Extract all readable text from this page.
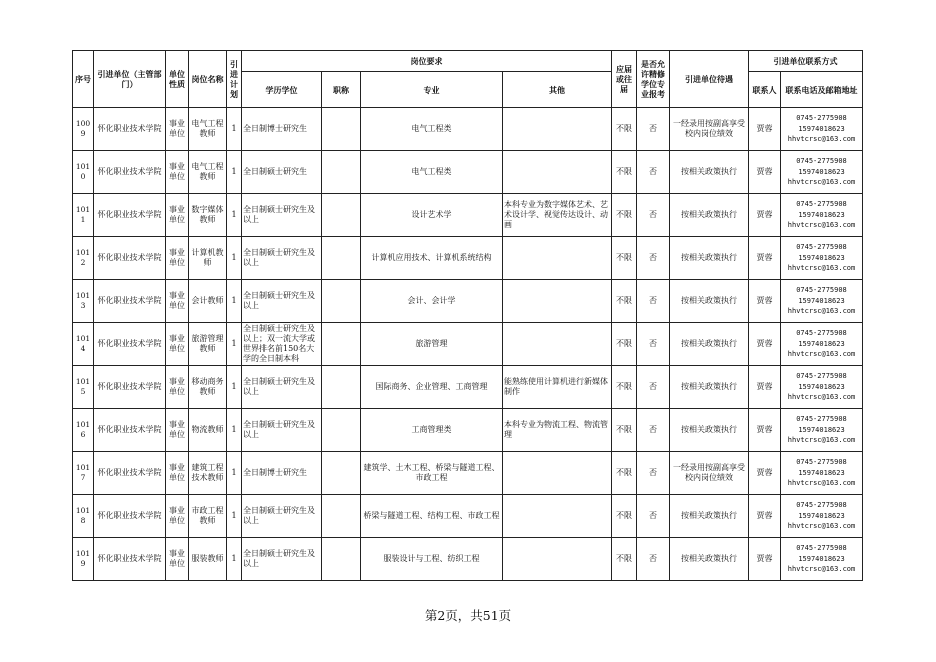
序号	引进单位（主管部门）	单位性质	岗位名称	引进计划	岗位要求				应届或往届	是否允许精修学位专业报考	引进单位待遇	引进单位联系方式	
					学历学位	职称	专业	其他				联系人	联系电话及邮箱地址
1009	怀化职业技术学院	事业单位	电气工程教师	1	全日制博士研究生		电气工程类		不限	否	一经录用按副高享受校内岗位绩效	贾蓉	0745-2775908
15974018623
hhvtcrsc@163.com

1010	怀化职业技术学院	事业单位	电气工程教师	1	全日制硕士研究生		电气工程类		不限	否	按相关政策执行	贾蓉	0745-2775908
15974018623
hhvtcrsc@163.com

1011	怀化职业技术学院	事业单位	数字媒体教师	1	全日制硕士研究生及以上		设计艺术学	本科专业为数字媒体艺术、艺术设计学、视觉传达设计、动画	不限	否	按相关政策执行	贾蓉	0745-2775908
15974018623
hhvtcrsc@163.com

1012	怀化职业技术学院	事业单位	计算机教师	1	全日制硕士研究生及以上		计算机应用技术、计算机系统结构		不限	否	按相关政策执行	贾蓉	0745-2775908
15974018623
hhvtcrsc@163.com

1013	怀化职业技术学院	事业单位	会计教师	1	全日制硕士研究生及以上		会计、会计学		不限	否	按相关政策执行	贾蓉	0745-2775908
15974018623
hhvtcrsc@163.com

1014	怀化职业技术学院	事业单位	旅游管理教师	1	全日制硕士研究生及以上；双一流大学或世界排名前150名大学的全日制本科		旅游管理		不限	否	按相关政策执行	贾蓉	0745-2775908
15974018623
hhvtcrsc@163.com

1015	怀化职业技术学院	事业单位	移动商务教师	1	全日制硕士研究生及以上		国际商务、企业管理、工商管理	能熟练使用计算机进行新媒体制作	不限	否	按相关政策执行	贾蓉	0745-2775908
15974018623
hhvtcrsc@163.com

1016	怀化职业技术学院	事业单位	物流教师	1	全日制硕士研究生及以上		工商管理类	本科专业为物流工程、物流管理	不限	否	按相关政策执行	贾蓉	0745-2775908
15974018623
hhvtcrsc@163.com

1017	怀化职业技术学院	事业单位	建筑工程技术教师	1	全日制博士研究生		建筑学、土木工程、桥梁与隧道工程、市政工程		不限	否	一经录用按副高享受校内岗位绩效	贾蓉	0745-2775908
15974018623
hhvtcrsc@163.com

1018	怀化职业技术学院	事业单位	市政工程教师	1	全日制硕士研究生及以上		桥梁与隧道工程、结构工程、市政工程		不限	否	按相关政策执行	贾蓉	0745-2775908
15974018623
hhvtcrsc@163.com

1019	怀化职业技术学院	事业单位	服装教师	1	全日制硕士研究生及以上		服装设计与工程、纺织工程		不限	否	按相关政策执行	贾蓉	0745-2775908
15974018623
hhvtcrsc@163.com
第2页，共51页
